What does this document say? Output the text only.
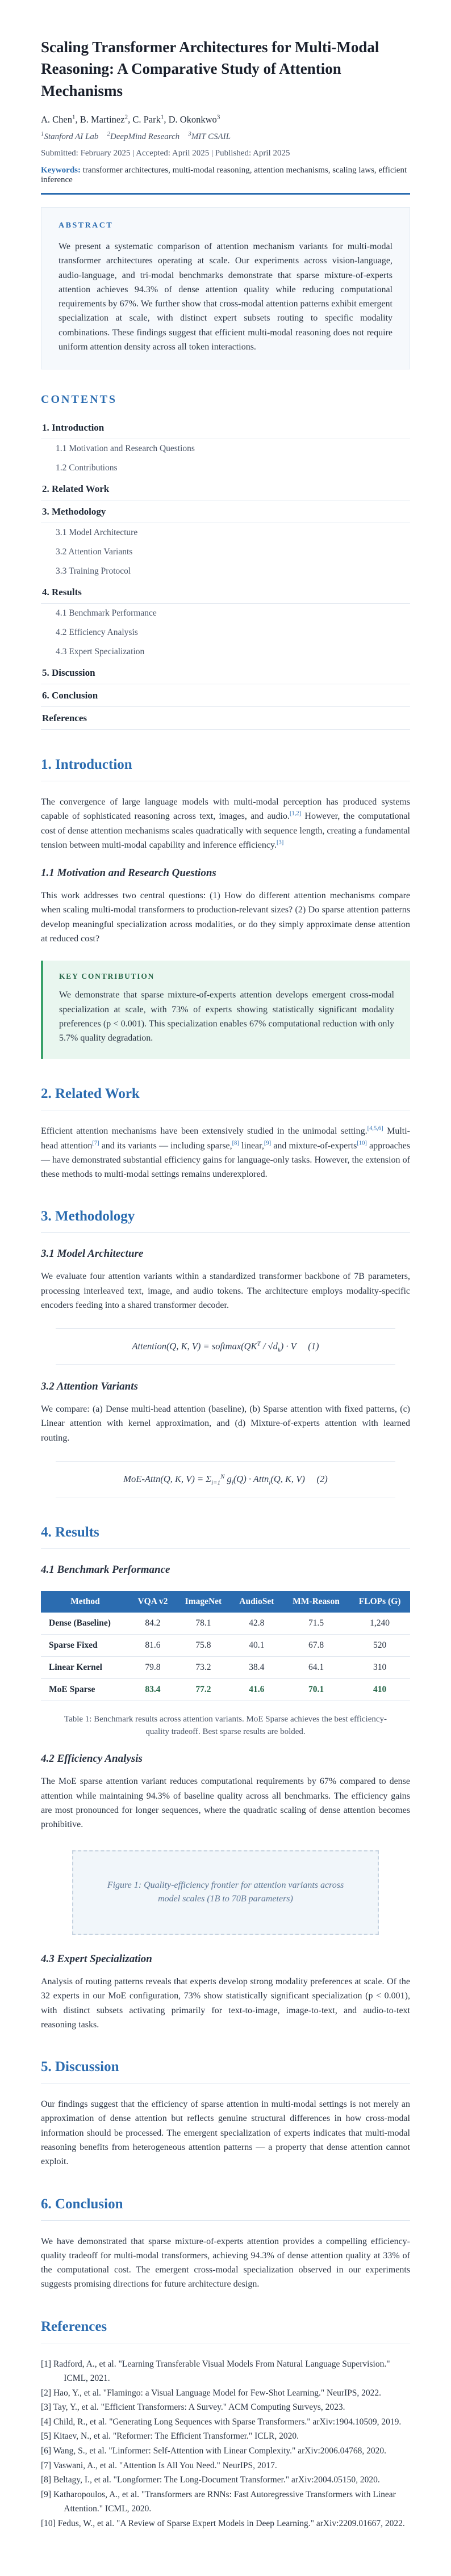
Scaling Transformer Architectures for Multi-Modal Reasoning: A Comparative Study of Attention Mechanisms

A. Chen$^1$, B. Martinez$^2$, C. Park$^1$, D. Okonkwo$^3$

$^1$Stanford AI Lab $^2$DeepMind Research $^3$MIT CSAIL

Submitted: February 2025 | Accepted: April 2025 | Published: April 2025

Keywords: transformer architectures, multi-modal reasoning, attention mechanisms, scaling laws, efficient inference

ABSTRACT

We present a systematic comparison of attention mechanism variants for multi-modal transformer architectures operating at scale. Our experiments across vision-language, audio-language, and tri-modal benchmarks demonstrate that sparse mixture-of-experts attention achieves 94.3% of dense attention quality while reducing computational requirements by 67%. We further show that cross-modal attention patterns exhibit emergent specialization at scale, with distinct expert subsets routing to specific modality combinations. These findings suggest that efficient multi-modal reasoning does not require uniform attention density across all token interactions.

CONTENTS

1. Introduction
1.1 Motivation and Research Questions
1.2 Contributions
2. Related Work
3. Methodology
3.1 Model Architecture
3.2 Attention Variants
3.3 Training Protocol
4. Results
4.1 Benchmark Performance
4.2 Efficiency Analysis
4.3 Expert Specialization
5. Discussion
6. Conclusion
References
1. Introduction

The convergence of large language models with multi-modal perception has produced systems capable of sophisticated reasoning across text, images, and audio.[1,2] However, the computational cost of dense attention mechanisms scales quadratically with sequence length, creating a fundamental tension between multi-modal capability and inference efficiency.[3]

1.1 Motivation and Research Questions

This work addresses two central questions: (1) How do different attention mechanisms compare when scaling multi-modal transformers to production-relevant sizes? (2) Do sparse attention patterns develop meaningful specialization across modalities, or do they simply approximate dense attention at reduced cost?

KEY CONTRIBUTION

We demonstrate that sparse mixture-of-experts attention develops emergent cross-modal specialization at scale, with 73% of experts showing statistically significant modality preferences (p < 0.001). This specialization enables 67% computational reduction with only 5.7% quality degradation.

2. Related Work

Efficient attention mechanisms have been extensively studied in the unimodal setting.[4,5,6] Multi-head attention[7] and its variants — including sparse,[8] linear,[9] and mixture-of-experts[10] approaches — have demonstrated substantial efficiency gains for language-only tasks. However, the extension of these methods to multi-modal settings remains underexplored.

3. Methodology
3.1 Model Architecture

We evaluate four attention variants within a standardized transformer backbone of 7B parameters, processing interleaved text, image, and audio tokens. The architecture employs modality-specific encoders feeding into a shared transformer decoder.

Attention(Q, K, $V) = softmax(QK^T / √d_k) \cdot V$  (1)

3.2 Attention Variants

We compare: (a) Dense multi-head attention (baseline), (b) Sparse attention with fixed patterns, (c) Linear attention with kernel approximation, and (d) Mixture-of-experts attention with learned routing.

MoE-Attn(Q, K, $V) = \Sigma_{i=1}^N$ $g_i(Q)$ · Attn$_i$(Q, K, V)  (2)

4. Results
4.1 Benchmark Performance
Method	VQA v2	ImageNet	AudioSet	MM-Reason	FLOPs (G)
Dense (Baseline)	84.2	78.1	42.8	71.5	1,240
Sparse Fixed	81.6	75.8	40.1	67.8	520
Linear Kernel	79.8	73.2	38.4	64.1	310
MoE Sparse	83.4	77.2	41.6	70.1	410

Table 1: Benchmark results across attention variants. MoE Sparse achieves the best efficiency-quality tradeoff. Best sparse results are bolded.

4.2 Efficiency Analysis

The MoE sparse attention variant reduces computational requirements by 67% compared to dense attention while maintaining 94.3% of baseline quality across all benchmarks. The efficiency gains are most pronounced for longer sequences, where the quadratic scaling of dense attention becomes prohibitive.

Figure 1: Quality-efficiency frontier for attention variants across model scales (1B to 70B parameters)

4.3 Expert Specialization

Analysis of routing patterns reveals that experts develop strong modality preferences at scale. Of the 32 experts in our MoE configuration, 73% show statistically significant specialization (p < 0.001), with distinct subsets activating primarily for text-to-image, image-to-text, and audio-to-text reasoning tasks.

5. Discussion

Our findings suggest that the efficiency of sparse attention in multi-modal settings is not merely an approximation of dense attention but reflects genuine structural differences in how cross-modal information should be processed. The emergent specialization of experts indicates that multi-modal reasoning benefits from heterogeneous attention patterns — a property that dense attention cannot exploit.

6. Conclusion

We have demonstrated that sparse mixture-of-experts attention provides a compelling efficiency-quality tradeoff for multi-modal transformers, achieving 94.3% of dense attention quality at 33% of the computational cost. The emergent cross-modal specialization observed in our experiments suggests promising directions for future architecture design.

References

[1] Radford, A., et al. "Learning Transferable Visual Models From Natural Language Supervision." ICML, 2021.

[2] Hao, Y., et al. "Flamingo: a Visual Language Model for Few-Shot Learning." NeurIPS, 2022.

[3] Tay, Y., et al. "Efficient Transformers: A Survey." ACM Computing Surveys, 2023.

[4] Child, R., et al. "Generating Long Sequences with Sparse Transformers." arXiv:1904.10509, 2019.

[5] Kitaev, N., et al. "Reformer: The Efficient Transformer." ICLR, 2020.

[6] Wang, S., et al. "Linformer: Self-Attention with Linear Complexity." arXiv:2006.04768, 2020.

[7] Vaswani, A., et al. "Attention Is All You Need." NeurIPS, 2017.

[8] Beltagy, I., et al. "Longformer: The Long-Document Transformer." arXiv:2004.05150, 2020.

[9] Katharopoulos, A., et al. "Transformers are RNNs: Fast Autoregressive Transformers with Linear Attention." ICML, 2020.

[10] Fedus, W., et al. "A Review of Sparse Expert Models in Deep Learning." arXiv:2209.01667, 2022.
